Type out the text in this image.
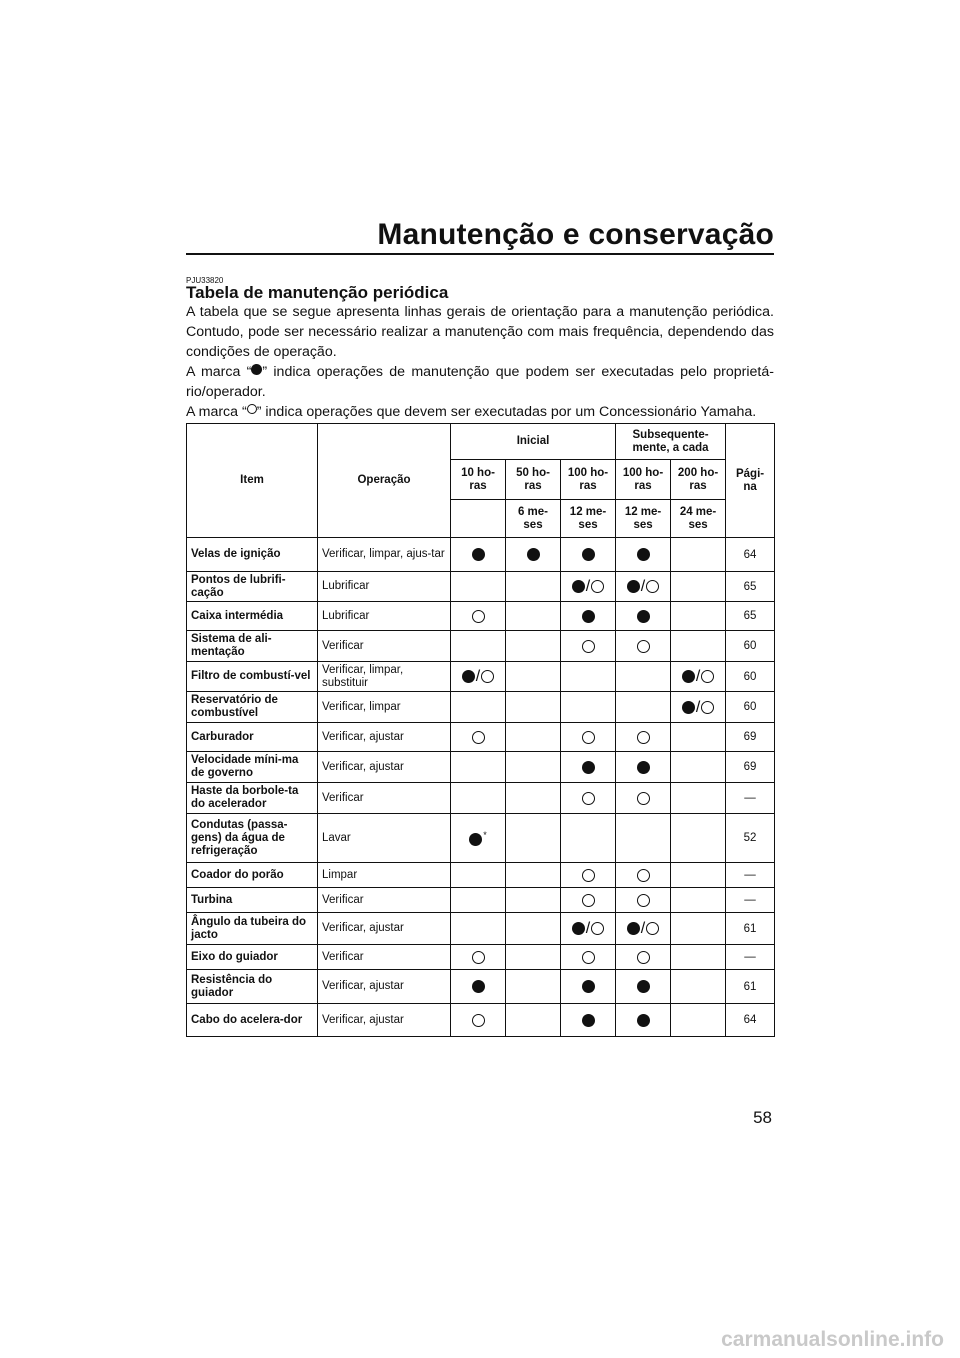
Manutenção e conservação
PJU33820
Tabela de manutenção periódica

A tabela que se segue apresenta linhas gerais de orientação para a manutenção periódica. Contudo, pode ser necessário realizar a manutenção com mais frequência, dependendo das condições de operação.

A marca “ ” indica operações de manutenção que podem ser executadas pelo proprietá-rio/operador.

A marca “ ” indica operações que devem ser executadas por um Concessionário Yamaha.

Item	Operação	Inicial			Subsequente-mente, a cada		Pági-na
		10 ho-ras	50 ho-ras	100 ho-ras	100 ho-ras	200 ho-ras	
			6 me-ses	12 me-ses	12 me-ses	24 me-ses	
Velas de ignição	Verificar, limpar, ajus-tar						64
Pontos de lubrifi-cação	Lubrificar			/	/		65
Caixa intermédia	Lubrificar						65
Sistema de ali-mentação	Verificar						60
Filtro de combustí-vel	Verificar, limpar, substituir	/				/	60
Reservatório de combustível	Verificar, limpar					/	60
Carburador	Verificar, ajustar						69
Velocidade míni-ma de governo	Verificar, ajustar						69
Haste da borbole-ta do acelerador	Verificar						—
Condutas (passa-gens) da água de refrigeração	Lavar	*					52
Coador do porão	Limpar						—
Turbina	Verificar						—
Ângulo da tubeira do jacto	Verificar, ajustar			/	/		61
Eixo do guiador	Verificar						—
Resistência do guiador	Verificar, ajustar						61
Cabo do acelera-dor	Verificar, ajustar						64
58
carmanualsonline.info
